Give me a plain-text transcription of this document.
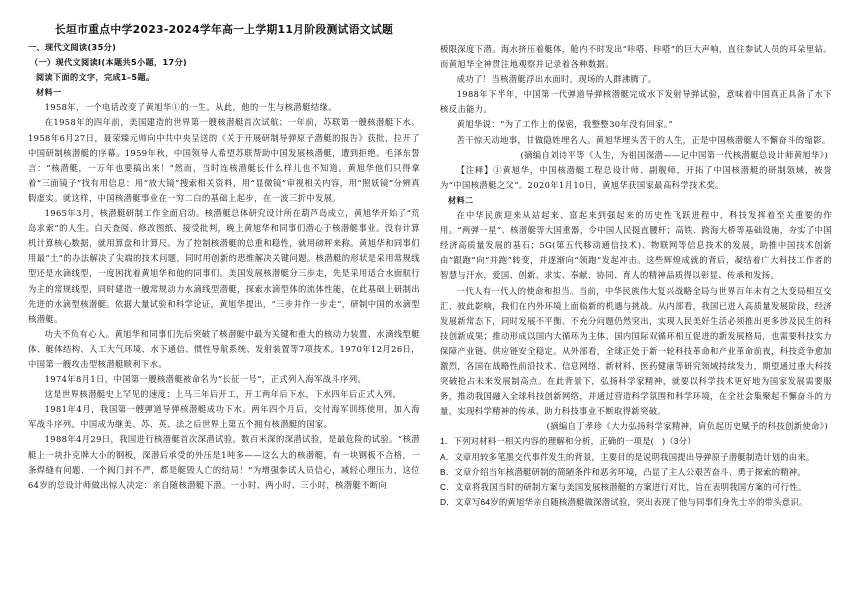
长垣市重点中学2023-2024学年高一上学期11月阶段测试语文试题

一、现代文阅读(35分)

（一）现代文阅读I(本题共5小题，17分)

阅读下面的文字，完成1–5题。

材料一

1958年，一个电话改变了黄旭华①的一生。从此，他的一生与核潜艇结缘。

在1958年的四年前，美国建造的世界第一艘核潜艇首次试航；一年前，苏联第一艘核潜艇下水。1958年6月27日，聂荣臻元帅向中共中央呈送的《关于开展研制导弹原子潜艇的报告》获批，拉开了中国研制核潜艇的序幕。1959年秋，中国领导人希望苏联帮助中国发展核潜艇，遭到拒绝。毛泽东誓言：“核潜艇，一万年也要搞出来！”然而，当时连核潜艇长什么样儿也不知道。黄旭华他们只得拿着“三面镜子”找有用信息：用“放大镜”搜索相关资料，用“显微镜”审视相关内容，用“照妖镜”分辨真假虚实。就这样，中国核潜艇事业在一穷二白的基础上起步，在一波三折中发展。

1965年3月，核潜艇研制工作全面启动。核潜艇总体研究设计所在葫芦岛成立，黄旭华开始了“荒岛求索”的人生。白天查阅、修改图纸、接受批判，晚上黄旭华和同事们潜心于核潜艇事业。没有计算机计算核心数据，就用算盘和计算尺。为了控制核潜艇的总重和稳性，就用磅秤来称。黄旭华和同事们用最“土”的办法解决了尖端的技术问题，同时用创新的思维解决关键问题。核潜艇的形状是采用常规线型还是水滴线型，一度困扰着黄旭华和他的同事们。美国发展核潜艇分三步走，先是采用适合水面航行为主的常规线型，同时建造一艘常规动力水滴线型潜艇，探索水滴型体的流体性能，在此基础上研制出先进的水滴型核潜艇。依据大量试验和科学论证，黄旭华提出，“三步并作一步走”，研制中国的水滴型核潜艇。

功夫不负有心人。黄旭华和同事们先后突破了核潜艇中最为关键和重大的核动力装置、水滴线型艇体、艇体结构、人工大气环境、水下通信、惯性导航系统、发射装置等7项技术。1970年12月26日，中国第一艘攻击型核潜艇顺利下水。

1974年8月1日，中国第一艘核潜艇被命名为“长征一号”，正式列入海军战斗序列。

这是世界核潜艇史上罕见的速度：上马三年后开工，开工两年后下水，下水四年后正式入列。

1981年4月，我国第一艘弹道导弹核潜艇成功下水。两年四个月后，交付海军训练使用，加入海军战斗序列。中国成为继美、苏、英、法之后世界上第五个拥有核潜艇的国家。

1988年4月29日，我国进行核潜艇首次深潜试验。数百米深的深潜试验，是最危险的试验。“核潜艇上一块扑克牌大小的钢板，深潜后承受的外压是1吨多——这么大的核潜艇，有一块钢板不合格，一条焊缝有问题、一个阀门封不严，都是艇毁人亡的结局！”为增强参试人员信心，减轻心理压力，这位64岁的总设计师做出惊人决定：亲自随核潜艇下潜。一小时、两小时、三小时，核潜艇不断向

极限深度下潜。海水挤压着艇体，舱内不时发出“咔嗒、咔嗒”的巨大声响，直往参试人员的耳朵里钻。而黄旭华全神贯注地观察并记录着各种数据。

成功了！当核潜艇浮出水面时，现场的人群沸腾了。

1988年下半年，中国第一代弹道导弹核潜艇完成水下发射导弹试验，意味着中国真正具备了水下核反击能力。

黄旭华说：“为了工作上的保密，我整整30年没有回家。”

苦干惊天动地事，甘做隐姓埋名人。黄旭华埋头苦干的人生，正是中国核潜艇人不懈奋斗的缩影。

(摘编自刘诗平等《人生，为祖国深潜——记中国第一代核潜艇总设计师黄旭华》)

【注释】①黄旭华，中国核潜艇工程总设计师、副舰师，开拓了中国核潜艇的研制领域，被誉为“中国核潜艇之父”。2020年1月10日，黄旭华获国家最高科学技术奖。

材料二

在中华民族迎来从站起来、富起来到强起来的历史性飞跃进程中，科技发挥着至关重要的作用。“两弹一星”、核潜艇等大国重器，令中国人民挺直腰杆；高铁、跨海大桥等基础设施，夯实了中国经济高质量发展的基石；5G(第五代移动通信技术)、物联网等信息技术的发展，助推中国技术创新由“跟跑”向“并跑”转变，并逐渐向“领跑”发起冲击。这些辉煌成就的背后，凝结着广大科技工作者的智慧与汗水，爱国、创新、求实、奉献、协同、育人的精神品质得以彰显、传承和发扬。

一代人有一代人的使命和担当。当前，中华民族伟大复兴战略全局与世界百年未有之大变局相互交汇、彼此影响，我们在内外环境上面临新的机遇与挑战。从内部看，我国已进入高质量发展阶段，经济发展新常态下，同时发展不平衡、不充分问题仍然突出，实现人民美好生活必须推出更多涉及民生的科技创新成果；推动形成以国内大循环为主体、国内国际双循环相互促进的新发展格局，也需要科技实力保障产业链、供应链安全稳定。从外部看，全球正处于新一轮科技革命和产业革命前夜，科技竞争愈加激烈，各国在战略性前沿技术、信息网络、新材料、医药健康等研究领域持续发力，期望通过重大科技突破抢占未来发展制高点。在此背景下，弘扬科学家精神，就要以科学技术更好地为国家发展需要服务，推动我国融入全球科技创新网络，并通过营造科学氛围和科学环境，在全社会集聚起不懈奋斗的力量，实现科学精神的传承、助力科技事业不断取得新突破。

(摘编自丁孝珍《大力弘扬科学家精神，肩负起历史赋予的科技创新使命》)

1．下列对材料一相关内容的理解和分析，正确的一项是(　)（3分）

A．文章用较多笔墨交代事件发生的背景，主要目的是说明我国提出导弹原子潜艇制造计划的由来。

B．文章介绍当年核潜艇研制的简陋条件和恶劣环境，凸显了主人公艰苦奋斗、勇于探索的精神。

C．文章将我国当时的研制方案与美国发展核潜艇的方案进行对比，旨在表明我国方案的可行性。

D．文章写64岁的黄旭华亲自随核潜艇做深潜试验，突出表现了他与同事们身先士卒的带头意识。
